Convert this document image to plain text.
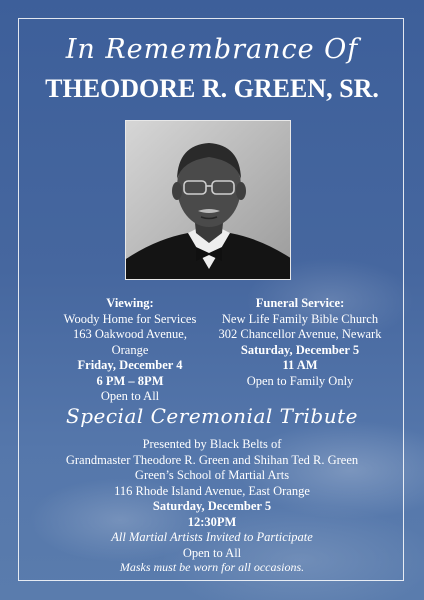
In Remembrance Of
THEODORE R. GREEN, SR.
Viewing:
Woody Home for Services
163 Oakwood Avenue, Orange
Friday, December 4
6 PM – 8PM
Open to All
Funeral Service:
New Life Family Bible Church
302 Chancellor Avenue, Newark
Saturday, December 5
11 AM
Open to Family Only
Special Ceremonial Tribute
Presented by Black Belts of
Grandmaster Theodore R. Green and Shihan Ted R. Green
Green’s School of Martial Arts
116 Rhode Island Avenue, East Orange
Saturday, December 5
12:30PM
All Martial Artists Invited to Participate
Open to All
Masks must be worn for all occasions.
